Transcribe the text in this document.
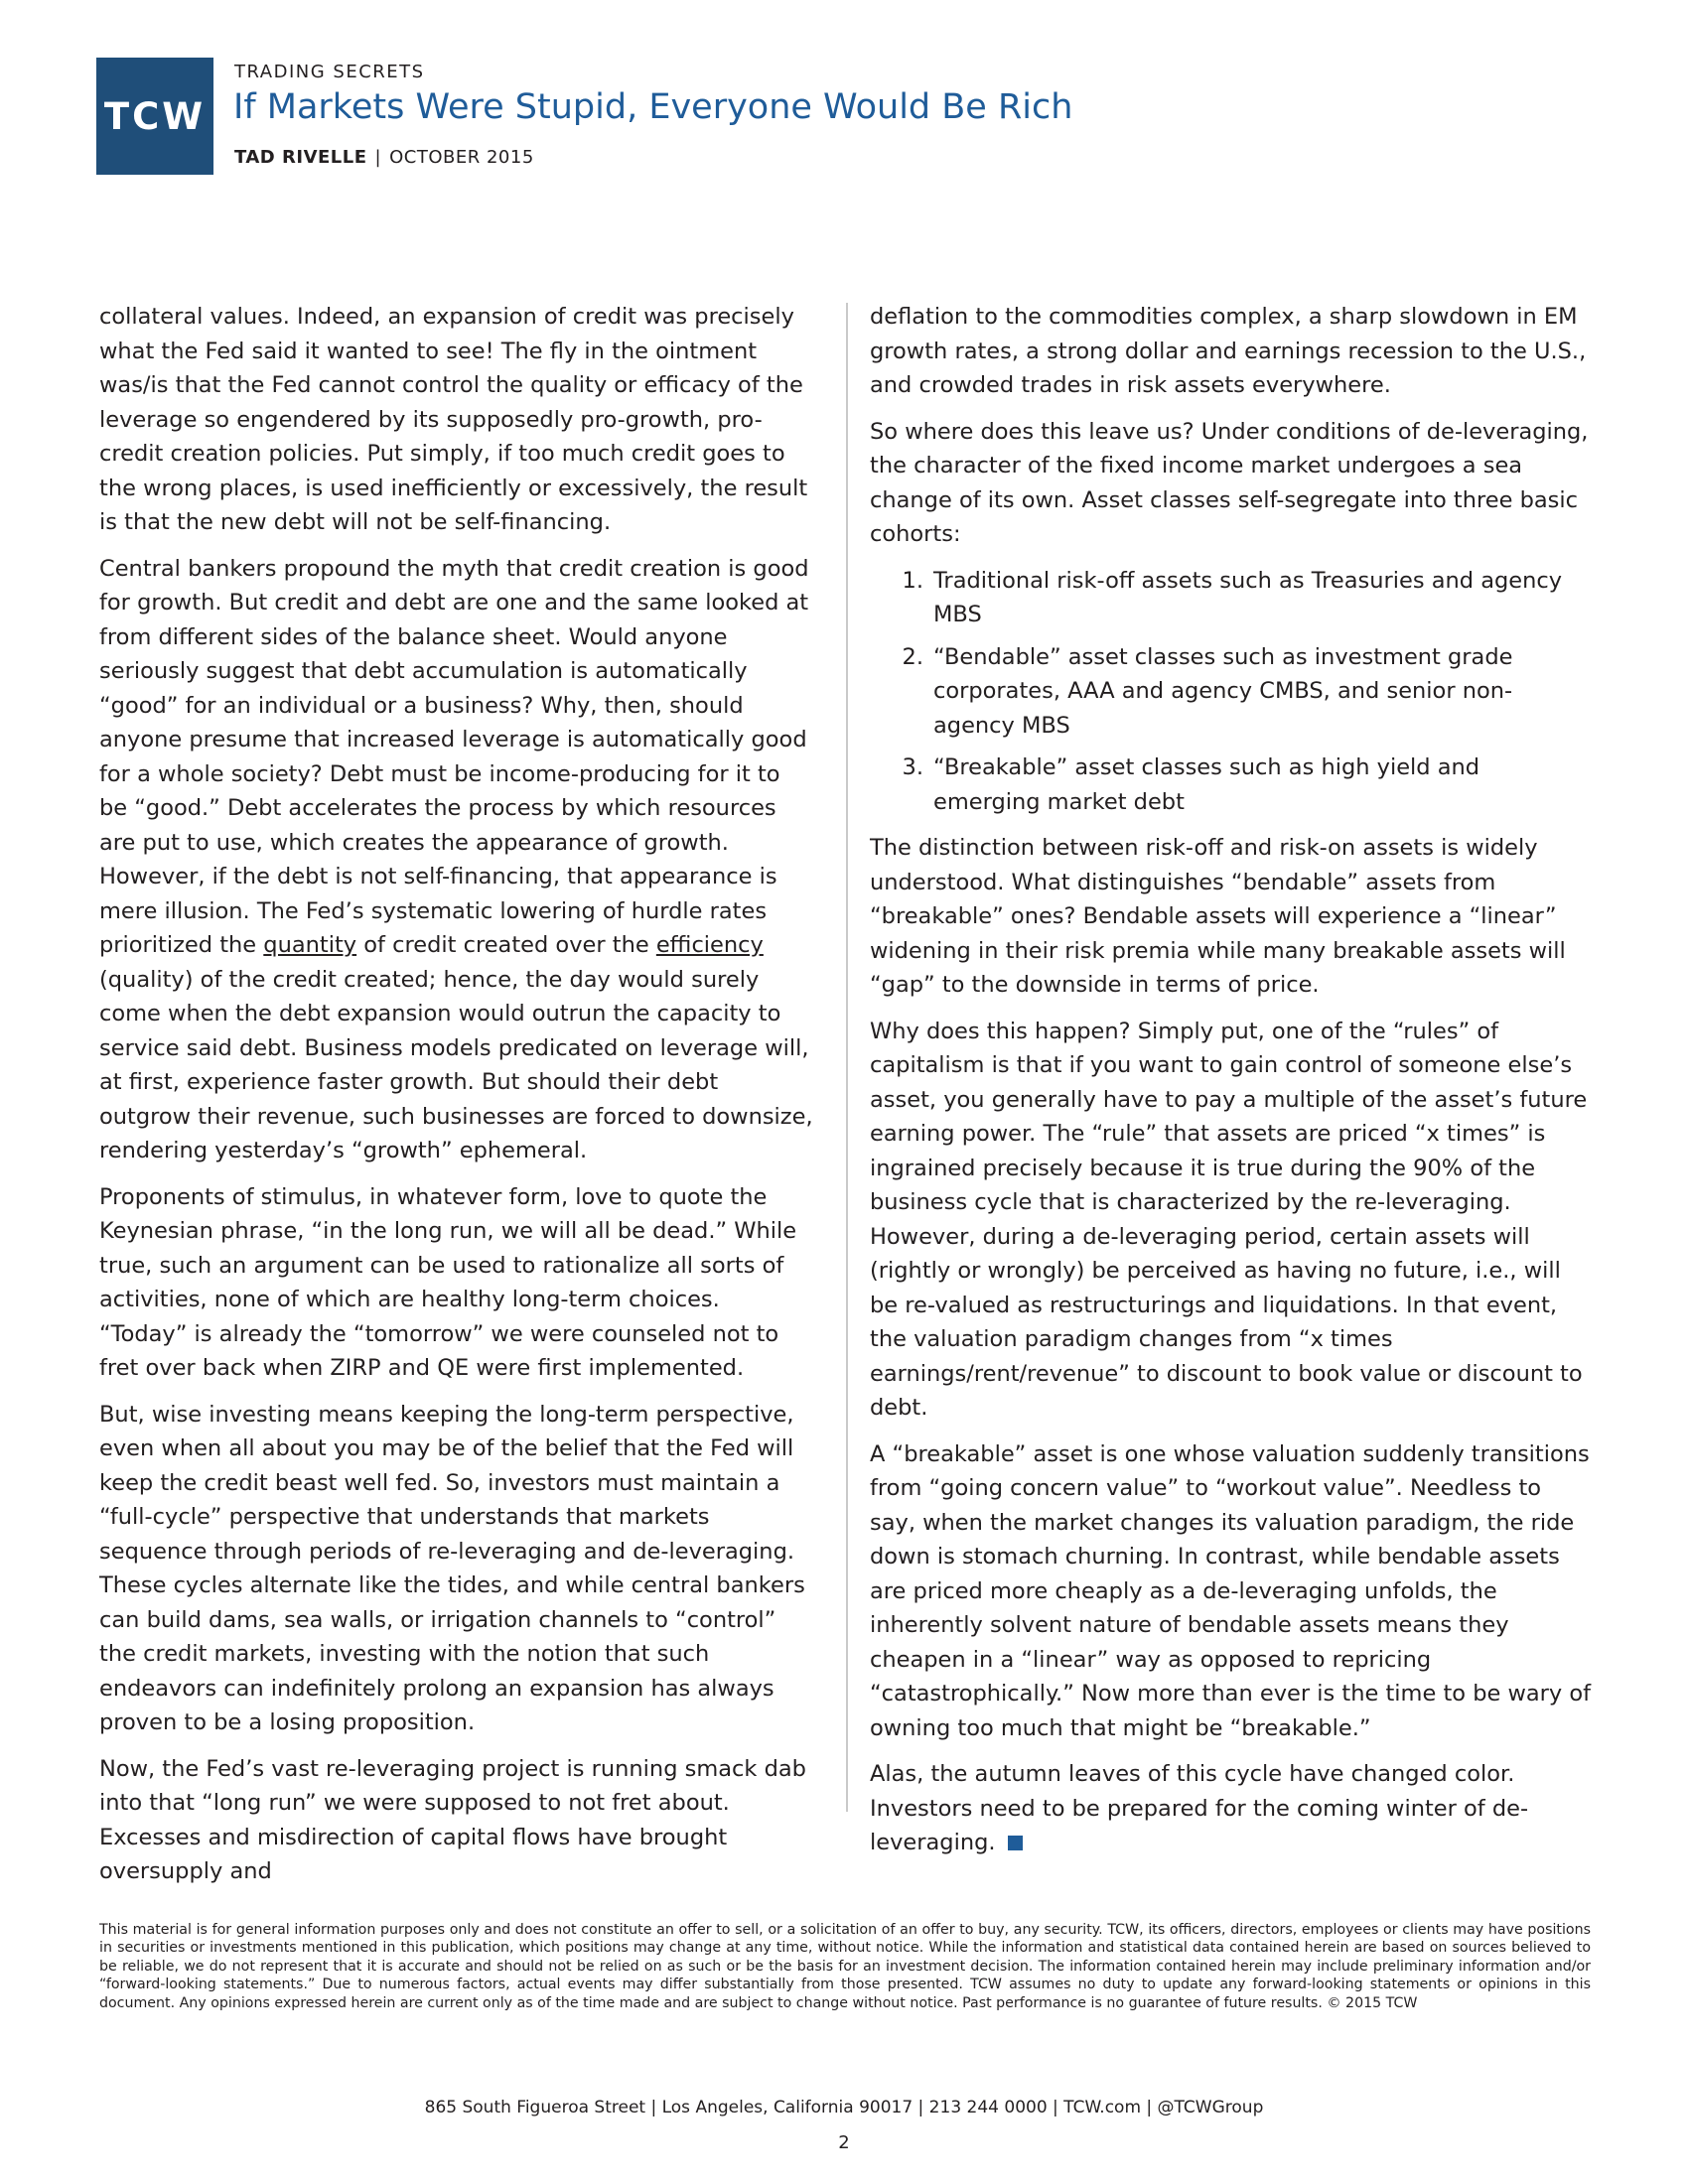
TCW
TRADING SECRETS
If Markets Were Stupid, Everyone Would Be Rich
TAD RIVELLE | OCTOBER 2015

collateral values. Indeed, an expansion of credit was precisely what the Fed said it wanted to see! The fly in the ointment was/is that the Fed cannot control the quality or efficacy of the leverage so engendered by its supposedly pro-growth, pro-credit creation policies. Put simply, if too much credit goes to the wrong places, is used inefficiently or excessively, the result is that the new debt will not be self-financing.

Central bankers propound the myth that credit creation is good for growth. But credit and debt are one and the same looked at from different sides of the balance sheet. Would anyone seriously suggest that debt accumulation is automatically “good” for an individual or a business? Why, then, should anyone presume that increased leverage is automatically good for a whole society? Debt must be income-producing for it to be “good.” Debt accelerates the process by which resources are put to use, which creates the appearance of growth. However, if the debt is not self-financing, that appearance is mere illusion. The Fed’s systematic lowering of hurdle rates prioritized the quantity of credit created over the efficiency (quality) of the credit created; hence, the day would surely come when the debt expansion would outrun the capacity to service said debt. Business models predicated on leverage will, at first, experience faster growth. But should their debt outgrow their revenue, such businesses are forced to downsize, rendering yesterday’s “growth” ephemeral.

Proponents of stimulus, in whatever form, love to quote the Keynesian phrase, “in the long run, we will all be dead.” While true, such an argument can be used to rationalize all sorts of activities, none of which are healthy long-term choices. “Today” is already the “tomorrow” we were counseled not to fret over back when ZIRP and QE were first implemented.

But, wise investing means keeping the long-term perspective, even when all about you may be of the belief that the Fed will keep the credit beast well fed. So, investors must maintain a “full-cycle” perspective that understands that markets sequence through periods of re-leveraging and de-leveraging. These cycles alternate like the tides, and while central bankers can build dams, sea walls, or irrigation channels to “control” the credit markets, investing with the notion that such endeavors can indefinitely prolong an expansion has always proven to be a losing proposition.

Now, the Fed’s vast re-leveraging project is running smack dab into that “long run” we were supposed to not fret about. Excesses and misdirection of capital flows have brought oversupply and

deflation to the commodities complex, a sharp slowdown in EM growth rates, a strong dollar and earnings recession to the U.S., and crowded trades in risk assets everywhere.

So where does this leave us? Under conditions of de-leveraging, the character of the fixed income market undergoes a sea change of its own. Asset classes self-segregate into three basic cohorts:

1. Traditional risk-off assets such as Treasuries and agency MBS
2. “Bendable” asset classes such as investment grade corporates, AAA and agency CMBS, and senior non-agency MBS
3. “Breakable” asset classes such as high yield and emerging market debt

The distinction between risk-off and risk-on assets is widely understood. What distinguishes “bendable” assets from “breakable” ones? Bendable assets will experience a “linear” widening in their risk premia while many breakable assets will “gap” to the downside in terms of price.

Why does this happen? Simply put, one of the “rules” of capitalism is that if you want to gain control of someone else’s asset, you generally have to pay a multiple of the asset’s future earning power. The “rule” that assets are priced “x times” is ingrained precisely because it is true during the 90% of the business cycle that is characterized by the re-leveraging. However, during a de-leveraging period, certain assets will (rightly or wrongly) be perceived as having no future, i.e., will be re-valued as restructurings and liquidations. In that event, the valuation paradigm changes from “x times earnings/rent/revenue” to discount to book value or discount to debt.

A “breakable” asset is one whose valuation suddenly transitions from “going concern value” to “workout value”. Needless to say, when the market changes its valuation paradigm, the ride down is stomach churning. In contrast, while bendable assets are priced more cheaply as a de-leveraging unfolds, the inherently solvent nature of bendable assets means they cheapen in a “linear” way as opposed to repricing “catastrophically.” Now more than ever is the time to be wary of owning too much that might be “breakable.”

Alas, the autumn leaves of this cycle have changed color. Investors need to be prepared for the coming winter of de-leveraging.

This material is for general information purposes only and does not constitute an offer to sell, or a solicitation of an offer to buy, any security. TCW, its officers, directors, employees or clients may have positions in securities or investments mentioned in this publication, which positions may change at any time, without notice. While the information and statistical data contained herein are based on sources believed to be reliable, we do not represent that it is accurate and should not be relied on as such or be the basis for an investment decision. The information contained herein may include preliminary information and/or “forward-looking statements.” Due to numerous factors, actual events may differ substantially from those presented. TCW assumes no duty to update any forward-looking statements or opinions in this document. Any opinions expressed herein are current only as of the time made and are subject to change without notice. Past performance is no guarantee of future results. © 2015 TCW
865 South Figueroa Street | Los Angeles, California 90017 | 213 244 0000 | TCW.com | @TCWGroup
2
